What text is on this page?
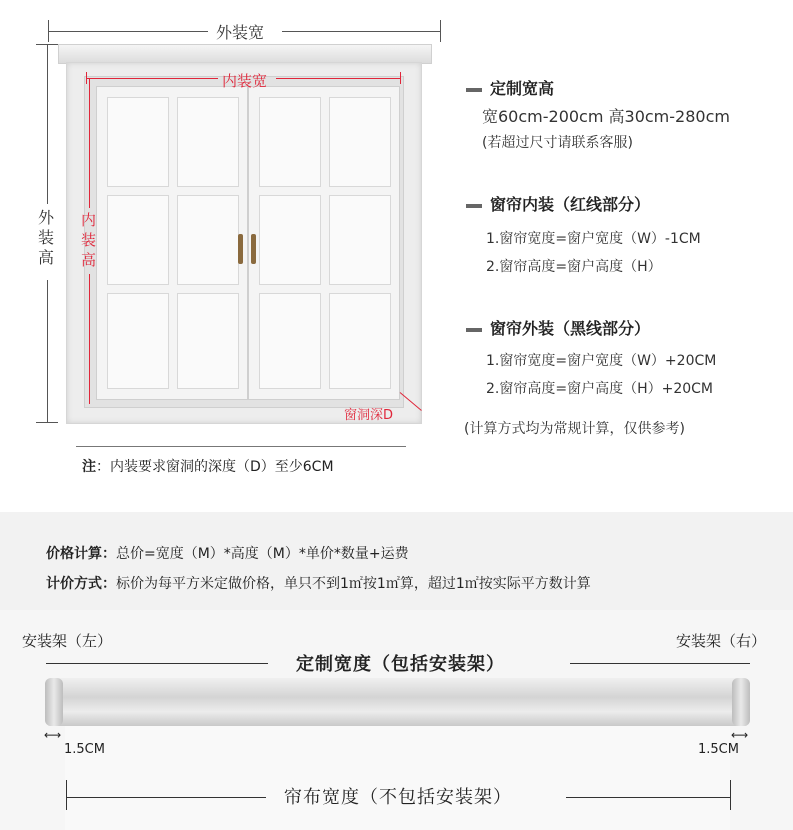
外装宽
外
装
高
内装宽
内
装
高
窗洞深D
注：内装要求窗洞的深度（D）至少6CM
定制宽高
宽60cm-200cm 高30cm-280cm
(若超过尺寸请联系客服)
窗帘内装（红线部分）
1.窗帘宽度=窗户宽度（W）-1CM
2.窗帘高度=窗户高度（H）
窗帘外装（黑线部分）
1.窗帘宽度=窗户宽度（W）+20CM
2.窗帘高度=窗户高度（H）+20CM
(计算方式均为常规计算，仅供参考)
价格计算：总价=宽度（M）*高度（M）*单价*数量+运费
计价方式：标价为每平方米定做价格，单只不到1㎡按1㎡算，超过1㎡按实际平方数计算
安装架（左）	安装架（右）
定制宽度（包括安装架）
⟷
1.5CM
⟷
1.5CM
帘布宽度（不包括安装架）
